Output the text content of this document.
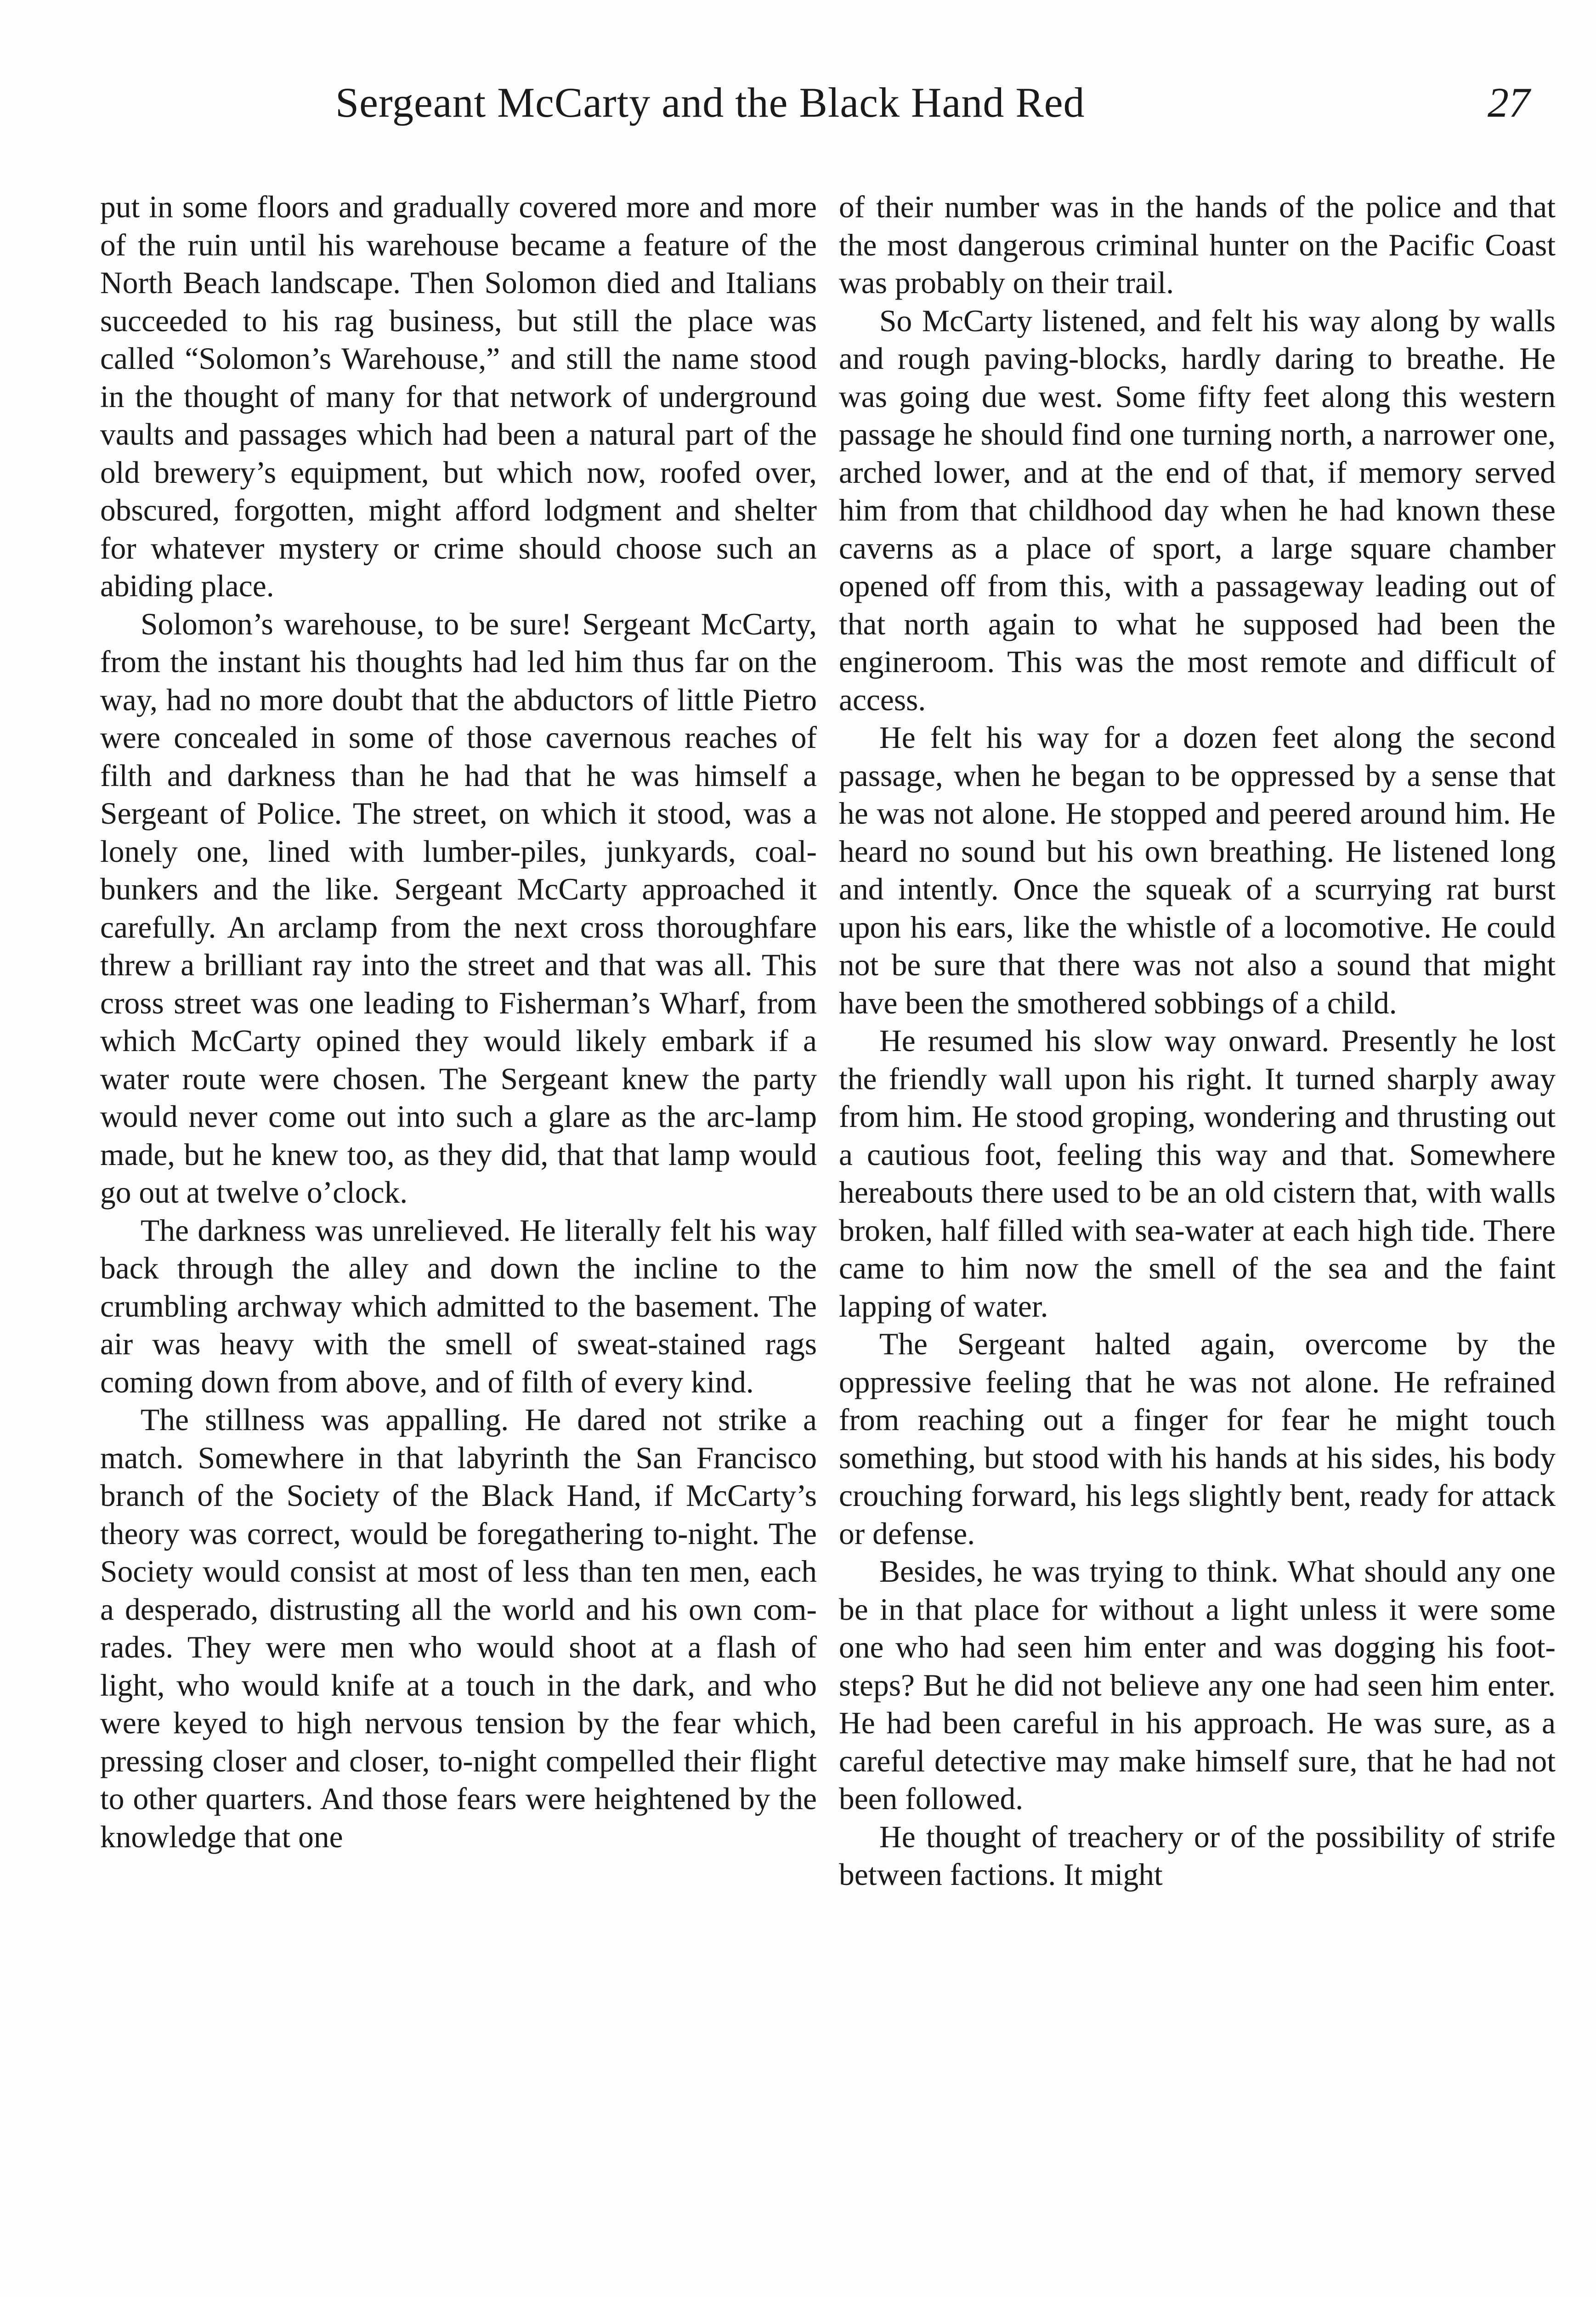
Sergeant McCarty and the Black Hand Red	27

put in some floors and gradually covered more and more of the ruin until his warehouse became a feature of the North Beach landscape. Then Solomon died and Italians succeeded to his rag business, but still the place was called “Solomon’s Warehouse,” and still the name stood in the thought of many for that network of underground vaults and passages which had been a natural part of the old brewery’s equipment, but which now, roofed over, obscured, forgotten, might afford lodgment and shelter for whatever mystery or crime should choose such an abiding place.

Solomon’s warehouse, to be sure! Sergeant McCarty, from the instant his thoughts had led him thus far on the way, had no more doubt that the abductors of little Pietro were concealed in some of those cavernous reaches of filth and darkness than he had that he was himself a Sergeant of Police. The street, on which it stood, was a lonely one, lined with lumber-piles, junkyards, coal-bunkers and the like. Sergeant McCarty approached it carefully. An arclamp from the next cross thoroughfare threw a brilliant ray into the street and that was all. This cross street was one leading to Fisherman’s Wharf, from which McCarty opined they would likely embark if a water route were chosen. The Sergeant knew the party would never come out into such a glare as the arc-lamp made, but he knew too, as they did, that that lamp would go out at twelve o’clock.

The darkness was unrelieved. He literally felt his way back through the alley and down the incline to the crumbling archway which admitted to the basement. The air was heavy with the smell of sweat-stained rags coming down from above, and of filth of every kind.

The stillness was appalling. He dared not strike a match. Somewhere in that labyrinth the San Francisco branch of the Society of the Black Hand, if McCarty’s theory was correct, would be foregathering to-night. The Society would consist at most of less than ten men, each a desperado, distrusting all the world and his own comrades. They were men who would shoot at a flash of light, who would knife at a touch in the dark, and who were keyed to high nervous tension by the fear which, pressing closer and closer, to-night compelled their flight to other quarters. And those fears were heightened by the knowledge that one

of their number was in the hands of the police and that the most dangerous criminal hunter on the Pacific Coast was probably on their trail.

So McCarty listened, and felt his way along by walls and rough paving-blocks, hardly daring to breathe. He was going due west. Some fifty feet along this western passage he should find one turning north, a narrower one, arched lower, and at the end of that, if memory served him from that childhood day when he had known these caverns as a place of sport, a large square chamber opened off from this, with a passageway leading out of that north again to what he supposed had been the engineroom. This was the most remote and difficult of access.

He felt his way for a dozen feet along the second passage, when he began to be oppressed by a sense that he was not alone. He stopped and peered around him. He heard no sound but his own breathing. He listened long and intently. Once the squeak of a scurrying rat burst upon his ears, like the whistle of a locomotive. He could not be sure that there was not also a sound that might have been the smothered sobbings of a child.

He resumed his slow way onward. Presently he lost the friendly wall upon his right. It turned sharply away from him. He stood groping, wondering and thrusting out a cautious foot, feeling this way and that. Somewhere hereabouts there used to be an old cistern that, with walls broken, half filled with sea-water at each high tide. There came to him now the smell of the sea and the faint lapping of water.

The Sergeant halted again, overcome by the oppressive feeling that he was not alone. He refrained from reaching out a finger for fear he might touch something, but stood with his hands at his sides, his body crouching forward, his legs slightly bent, ready for attack or defense.

Besides, he was trying to think. What should any one be in that place for without a light unless it were some one who had seen him enter and was dogging his footsteps? But he did not believe any one had seen him enter. He had been careful in his approach. He was sure, as a careful detective may make himself sure, that he had not been followed.

He thought of treachery or of the possibility of strife between factions. It might
